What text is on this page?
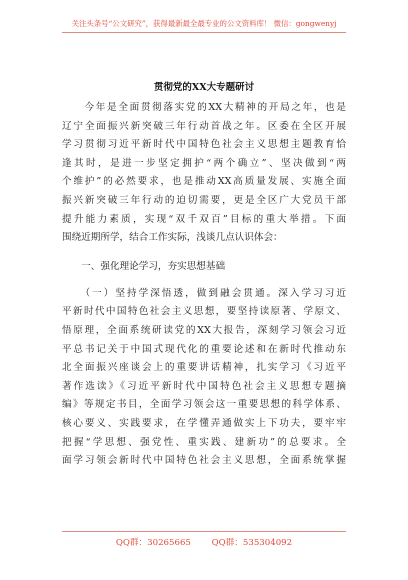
关注头条号“公文研究”，获得最新最全最专业的公文资料库！ 微信：gongwenyj
贯彻党的XX大专题研讨
　　今年是全面贯彻落实党的XX大精神的开局之年，也是
辽宁全面振兴新突破三年行动首战之年。区委在全区开展
学习贯彻习近平新时代中国特色社会主义思想主题教育恰
逢其时，是进一步坚定拥护“两个确立”、坚决做到“两
个维护”的必然要求，也是推动XX高质量发展、实施全面
振兴新突破三年行动的迫切需要，更是全区广大党员干部
提升能力素质，实现“双千双百”目标的重大举措。下面
围绕近期所学，结合工作实际，浅谈几点认识体会：
　　一、强化理论学习，夯实思想基础
　　（一）坚持学深悟透，做到融会贯通。深入学习习近
平新时代中国特色社会主义思想，要坚持读原著、学原文、
悟原理，全面系统研读党的XX大报告，深刻学习领会习近
平总书记关于中国式现代化的重要论述和在新时代推动东
北全面振兴座谈会上的重要讲话精神，扎实学习《习近平
著作选读》《习近平新时代中国特色社会主义思想专题摘
编》等规定书目，全面学习领会这一重要思想的科学体系、
核心要义、实践要求，在学懂弄通做实上下功夫，要牢牢
把握“学思想、强党性、重实践、建新功”的总要求。全
面学习领会新时代中国特色社会主义思想，全面系统掌握
QQ群：30265665 QQ群：535304092
